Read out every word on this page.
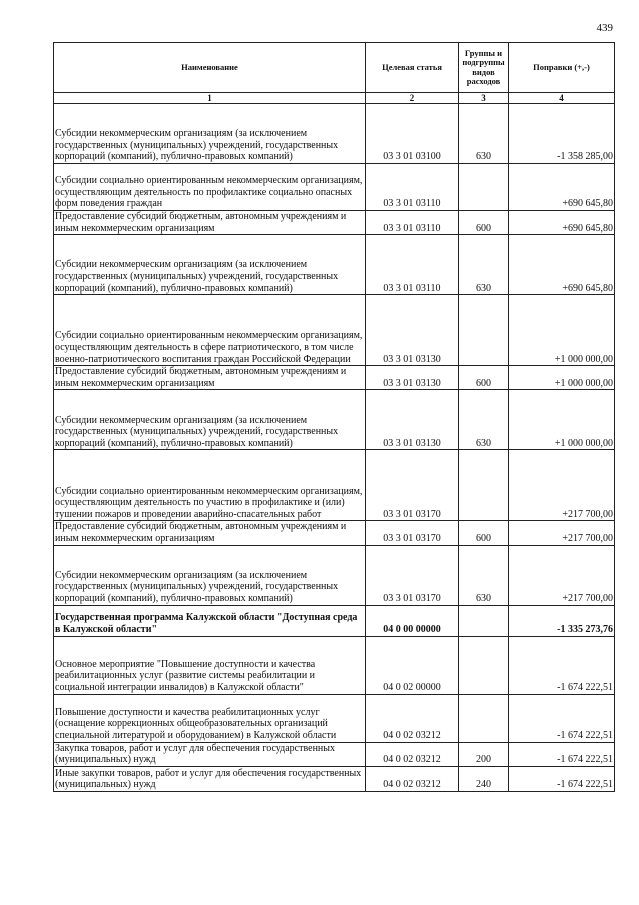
439
Наименование	Целевая статья	Группы и подгруппы видов расходов	Поправки (+,-)
1	2	3	4
Субсидии некоммерческим организациям (за исключением государственных (муниципальных) учреждений, государственных корпораций (компаний), публично-правовых компаний)	03 3 01 03100	630	-1 358 285,00
Субсидии социально ориентированным некоммерческим организациям, осуществляющим деятельность по профилактике социально опасных форм поведения граждан	03 3 01 03110		+690 645,80
Предоставление субсидий бюджетным, автономным учреждениям и иным некоммерческим организациям	03 3 01 03110	600	+690 645,80
Субсидии некоммерческим организациям (за исключением государственных (муниципальных) учреждений, государственных корпораций (компаний), публично-правовых компаний)	03 3 01 03110	630	+690 645,80
Субсидии социально ориентированным некоммерческим организациям, осуществляющим деятельность в сфере патриотического, в том числе военно-патриотического воспитания граждан Российской Федерации	03 3 01 03130		+1 000 000,00
Предоставление субсидий бюджетным, автономным учреждениям и иным некоммерческим организациям	03 3 01 03130	600	+1 000 000,00
Субсидии некоммерческим организациям (за исключением государственных (муниципальных) учреждений, государственных корпораций (компаний), публично-правовых компаний)	03 3 01 03130	630	+1 000 000,00
Субсидии социально ориентированным некоммерческим организациям, осуществляющим деятельность по участию в профилактике и (или) тушении пожаров и проведении аварийно-спасательных работ	03 3 01 03170		+217 700,00
Предоставление субсидий бюджетным, автономным учреждениям и иным некоммерческим организациям	03 3 01 03170	600	+217 700,00
Субсидии некоммерческим организациям (за исключением государственных (муниципальных) учреждений, государственных корпораций (компаний), публично-правовых компаний)	03 3 01 03170	630	+217 700,00
Государственная программа Калужской области "Доступная среда в Калужской области"	04 0 00 00000		-1 335 273,76
Основное мероприятие "Повышение доступности и качества реабилитационных услуг (развитие системы реабилитации и социальной интеграции инвалидов) в Калужской области"	04 0 02 00000		-1 674 222,51
Повышение доступности и качества реабилитационных услуг (оснащение коррекционных общеобразовательных организаций специальной литературой и оборудованием) в Калужской области	04 0 02 03212		-1 674 222,51
Закупка товаров, работ и услуг для обеспечения государственных (муниципальных) нужд	04 0 02 03212	200	-1 674 222,51
Иные закупки товаров, работ и услуг для обеспечения государственных (муниципальных) нужд	04 0 02 03212	240	-1 674 222,51
